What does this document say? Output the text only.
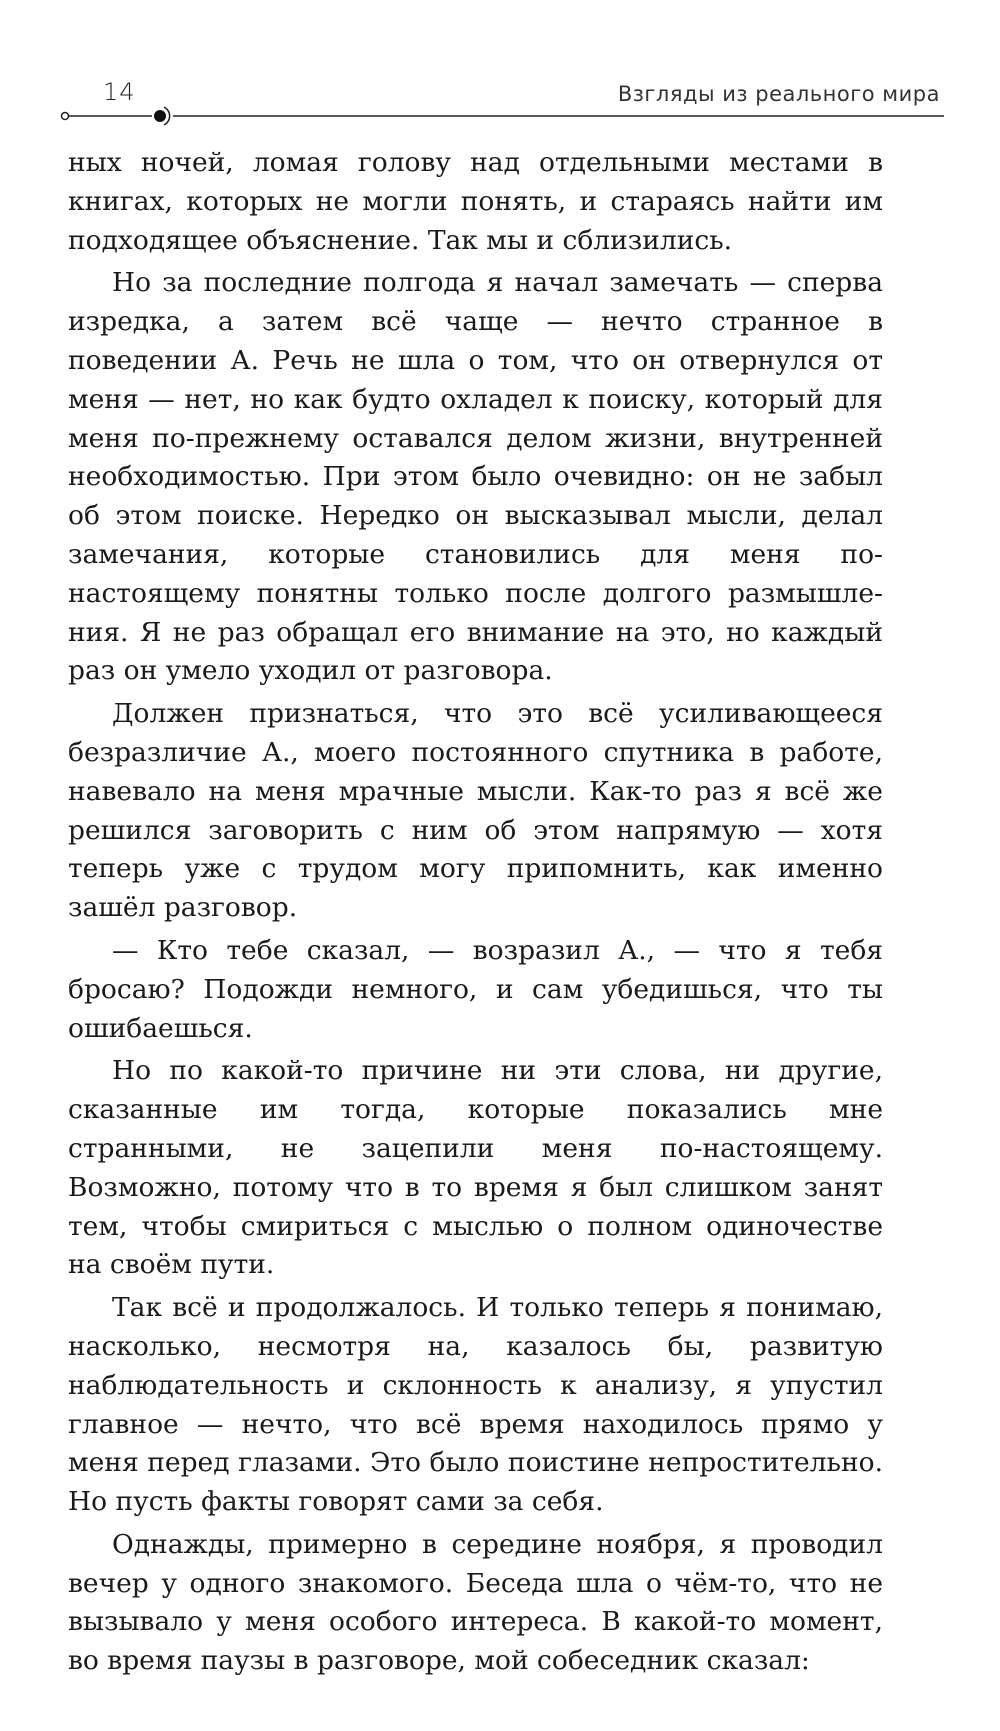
14	Взгляды из реального мира

ных ночей, ломая голову над отдельными местами в книгах, которых не могли понять, и стараясь найти им подходящее объяснение. Так мы и сблизились.

Но за последние полгода я начал замечать — сперва изредка, а затем всё чаще — нечто странное в поведении А. Речь не шла о том, что он отвернулся от меня — нет, но как будто охладел к поиску, который для меня по-прежнему оставался делом жизни, внутренней необходимостью. При этом было очевидно: он не забыл об этом поиске. Нередко он высказывал мысли, делал замечания, которые становились для меня по-настоящему понятны только после долгого размышления. Я не раз обращал его внимание на это, но каждый раз он умело уходил от разговора.

Должен признаться, что это всё усиливающееся безразличие А., моего постоянного спутника в работе, навевало на меня мрачные мысли. Как-то раз я всё же решился заговорить с ним об этом напрямую — хотя теперь уже с трудом могу припомнить, как именно зашёл разговор.

— Кто тебе сказал, — возразил А., — что я тебя бросаю? Подожди немного, и сам убедишься, что ты ошибаешься.

Но по какой-то причине ни эти слова, ни другие, сказанные им тогда, которые показались мне странными, не зацепили меня по-настоящему. Возможно, потому что в то время я был слишком занят тем, чтобы смириться с мыслью о полном одиночестве на своём пути.

Так всё и продолжалось. И только теперь я понимаю, насколько, несмотря на, казалось бы, развитую наблюдательность и склонность к анализу, я упустил главное — нечто, что всё время находилось прямо у меня перед глазами. Это было поистине непростительно. Но пусть факты говорят сами за себя.

Однажды, примерно в середине ноября, я проводил вечер у одного знакомого. Беседа шла о чём-то, что не вызывало у меня особого интереса. В какой-то момент, во время паузы в разговоре, мой собеседник сказал:
